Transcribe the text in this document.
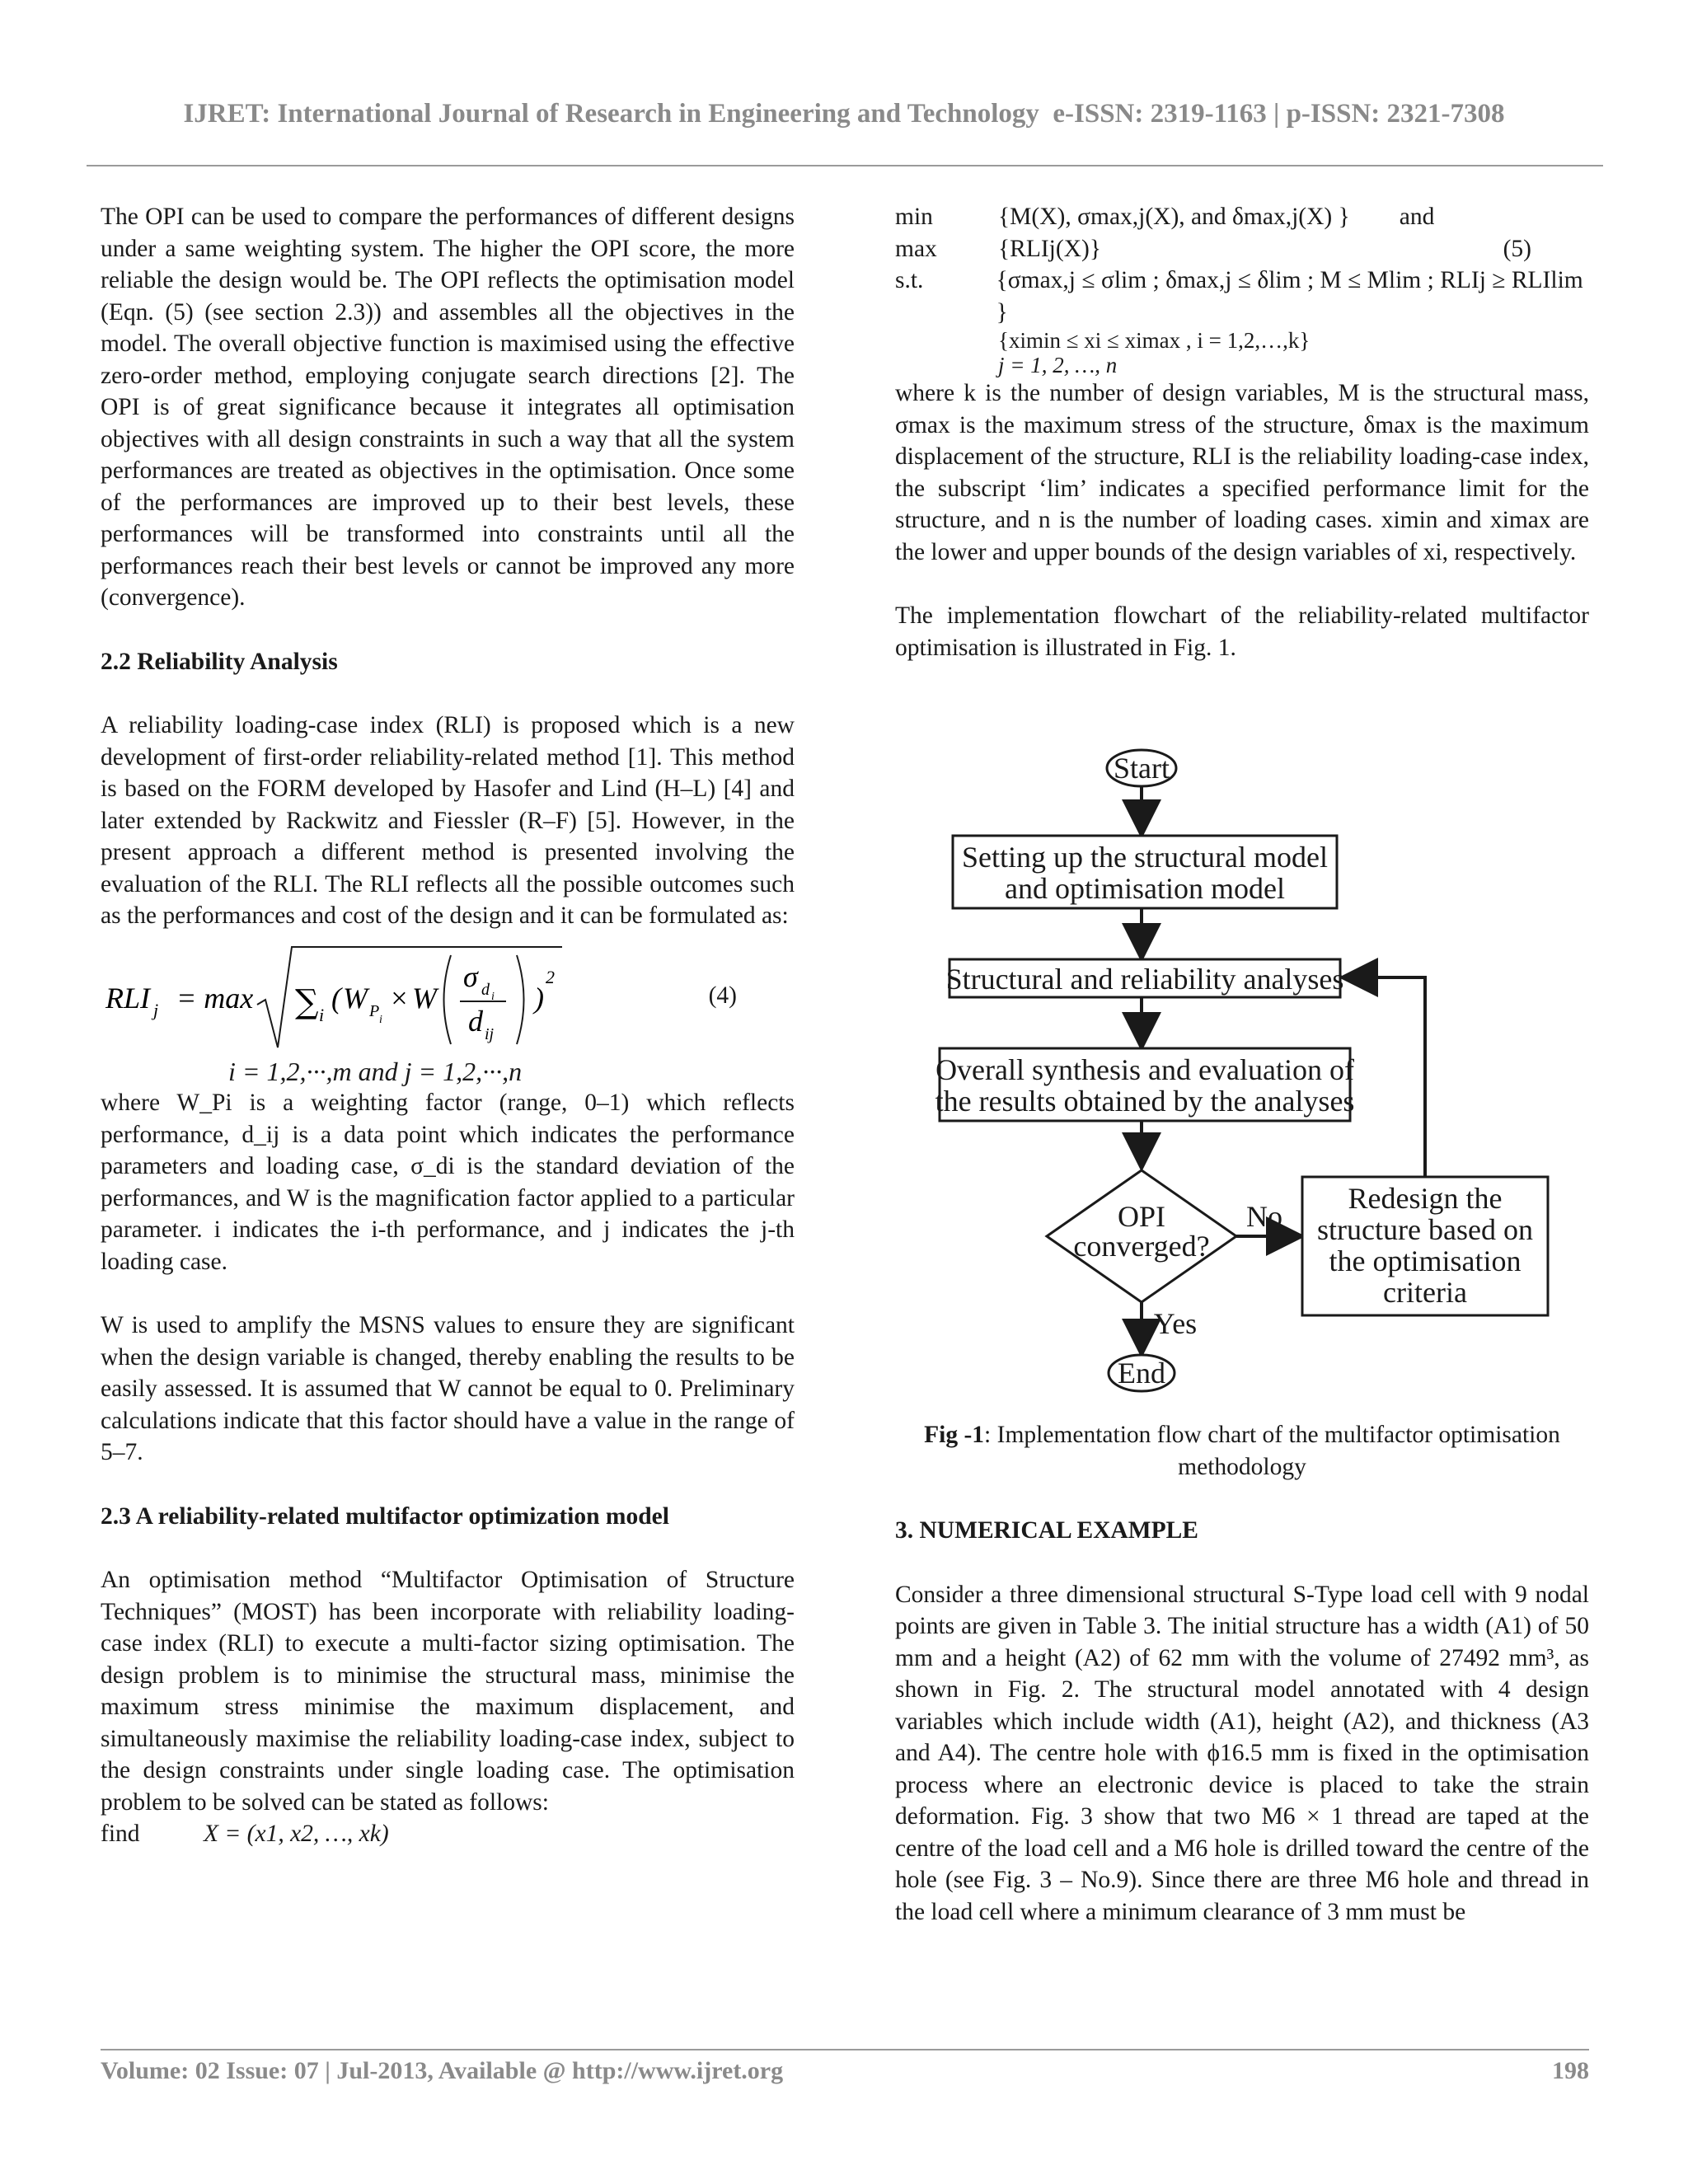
IJRET: International Journal of Research in Engineering and Technology e-ISSN: 2319-1163 | p-ISSN: 2321-7308

The OPI can be used to compare the performances of different designs under a same weighting system. The higher the OPI score, the more reliable the design would be. The OPI reflects the optimisation model (Eqn. (5) (see section 2.3)) and assembles all the objectives in the model. The overall objective function is maximised using the effective zero-order method, employing conjugate search directions [2]. The OPI is of great significance because it integrates all optimisation objectives with all design constraints in such a way that all the system performances are treated as objectives in the optimisation. Once some of the performances are improved up to their best levels, these performances will be transformed into constraints until all the performances reach their best levels or cannot be improved any more (convergence).

2.2 Reliability Analysis

A reliability loading-case index (RLI) is proposed which is a new development of first-order reliability-related method [1]. This method is based on the FORM developed by Hasofer and Lind (H–L) [4] and later extended by Rackwitz and Fiessler (R–F) [5]. However, in the present approach a different method is presented involving the evaluation of the RLI. The RLI reflects all the possible outcomes such as the performances and cost of the design and it can be formulated as:

RLI j = max ∑ i
( W P i
× W
σ d i
d ij
)
2
(4)
i = 1,2,···,m and j = 1,2,···,n

where W_Pi is a weighting factor (range, 0–1) which reflects performance, d_ij is a data point which indicates the performance parameters and loading case, σ_di is the standard deviation of the performances, and W is the magnification factor applied to a particular parameter. i indicates the i-th performance, and j indicates the j-th loading case.

W is used to amplify the MSNS values to ensure they are significant when the design variable is changed, thereby enabling the results to be easily assessed. It is assumed that W cannot be equal to 0. Preliminary calculations indicate that this factor should have a value in the range of 5–7.

2.3 A reliability-related multifactor optimization model

An optimisation method “Multifactor Optimisation of Structure Techniques” (MOST) has been incorporate with reliability loading-case index (RLI) to execute a multi-factor sizing optimisation. The design problem is to minimise the structural mass, minimise the maximum stress minimise the maximum displacement, and simultaneously maximise the reliability loading-case index, subject to the design constraints under single loading case. The optimisation problem to be solved can be stated as follows:

find	X = (x1, x2, …, xk)
min	{M(X), σmax,j(X), and δmax,j(X) } and
max	{RLIj(X)}	(5)
s.t.	{σmax,j ≤ σlim ; δmax,j ≤ δlim ; M ≤ Mlim ; RLIj ≥ RLIlim }
{ximin ≤ xi ≤ ximax , i = 1,2,…,k}
j = 1, 2, …, n

where k is the number of design variables, M is the structural mass, σmax is the maximum stress of the structure, δmax is the maximum displacement of the structure, RLI is the reliability loading-case index, the subscript ‘lim’ indicates a specified performance limit for the structure, and n is the number of loading cases. ximin and ximax are the lower and upper bounds of the design variables of xi, respectively.

The implementation flowchart of the reliability-related multifactor optimisation is illustrated in Fig. 1.

Start
Setting up the structural model
and optimisation model
Structural and reliability analyses
Overall synthesis and evaluation of
the results obtained by the analyses
OPI
converged?
No
Redesign the
structure based on
the optimisation
criteria
Yes
End

Fig -1: Implementation flow chart of the multifactor optimisation methodology

3. NUMERICAL EXAMPLE

Consider a three dimensional structural S-Type load cell with 9 nodal points are given in Table 3. The initial structure has a width (A1) of 50 mm and a height (A2) of 62 mm with the volume of 27492 mm³, as shown in Fig. 2. The structural model annotated with 4 design variables which include width (A1), height (A2), and thickness (A3 and A4). The centre hole with ϕ16.5 mm is fixed in the optimisation process where an electronic device is placed to take the strain deformation. Fig. 3 show that two M6 × 1 thread are taped at the centre of the load cell and a M6 hole is drilled toward the centre of the hole (see Fig. 3 – No.9). Since there are three M6 hole and thread in the load cell where a minimum clearance of 3 mm must be

Volume: 02 Issue: 07 | Jul-2013, Available @ http://www.ijret.org	198
